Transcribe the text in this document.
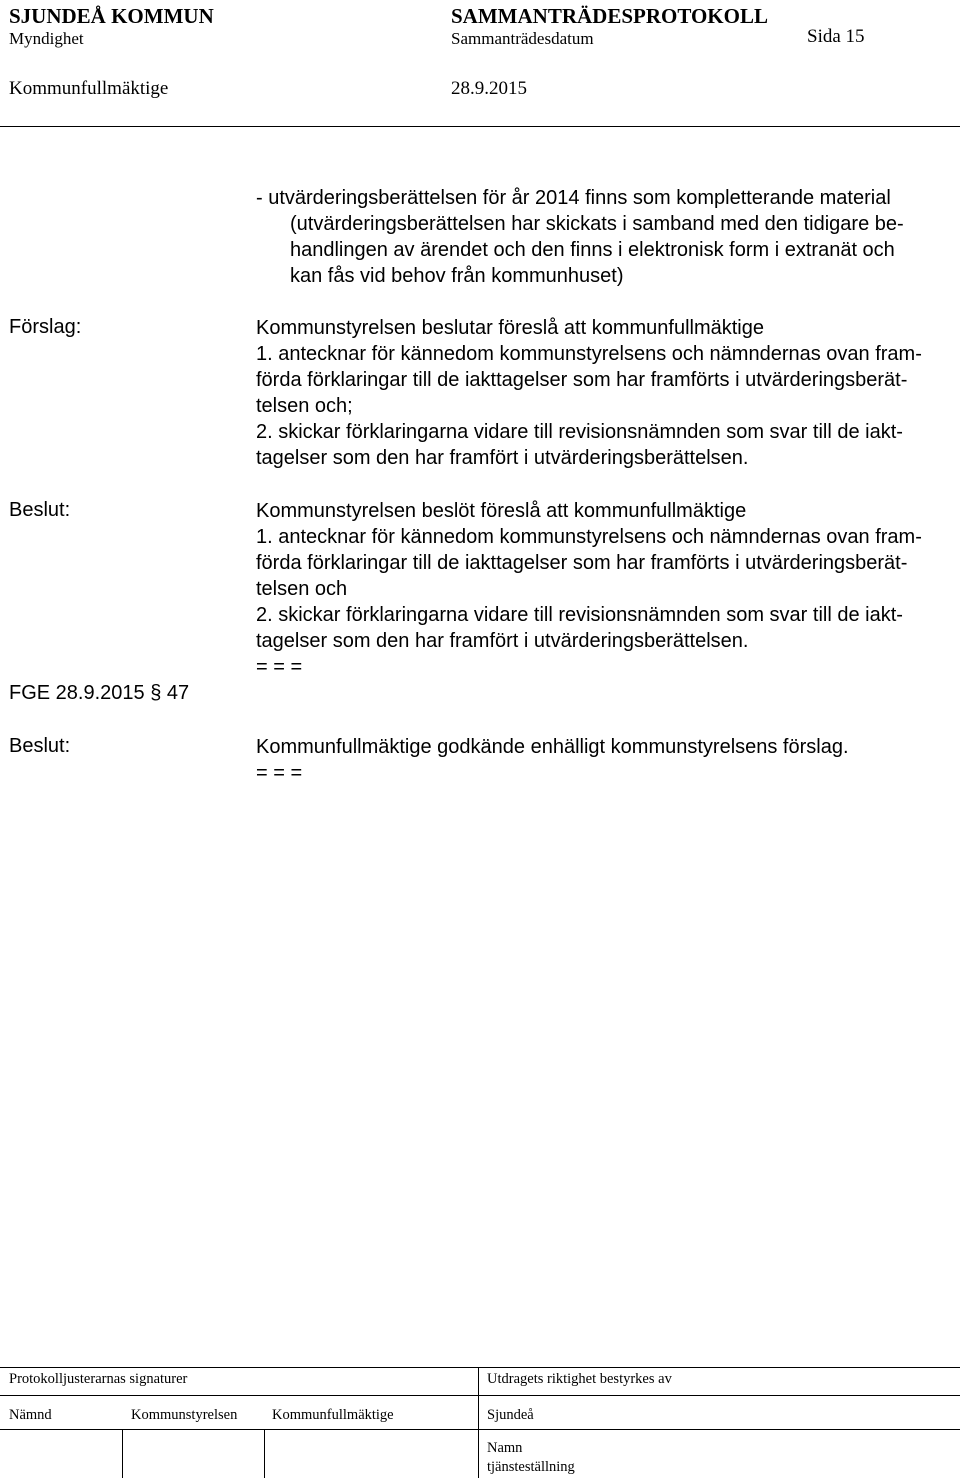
SJUNDEÅ KOMMUN	SAMMANTRÄDESPROTOKOLL
Myndighet	Sammanträdesdatum	Sida 15
Kommunfullmäktige	28.9.2015
- utvärderingsberättelsen för år 2014 finns som kompletterande material
(utvärderingsberättelsen har skickats i samband med den tidigare be-
handlingen av ärendet och den finns i elektronisk form i extranät och
kan fås vid behov från kommunhuset)
Förslag:	Kommunstyrelsen beslutar föreslå att kommunfullmäktige
1. antecknar för kännedom kommunstyrelsens och nämndernas ovan fram-
förda förklaringar till de iakttagelser som har framförts i utvärderingsberät-
telsen och;
2. skickar förklaringarna vidare till revisionsnämnden som svar till de iakt-
tagelser som den har framfört i utvärderingsberättelsen.
Beslut:	Kommunstyrelsen beslöt föreslå att kommunfullmäktige
1. antecknar för kännedom kommunstyrelsens och nämndernas ovan fram-
förda förklaringar till de iakttagelser som har framförts i utvärderingsberät-
telsen och
2. skickar förklaringarna vidare till revisionsnämnden som svar till de iakt-
tagelser som den har framfört i utvärderingsberättelsen.
= = =
FGE 28.9.2015 § 47
Beslut:	Kommunfullmäktige godkände enhälligt kommunstyrelsens förslag.
= = =
Protokolljusterarnas signaturer	Utdragets riktighet bestyrkes av
Nämnd	Kommunstyrelsen Kommunfullmäktige	Sjundeå
Namn
tjänsteställning
